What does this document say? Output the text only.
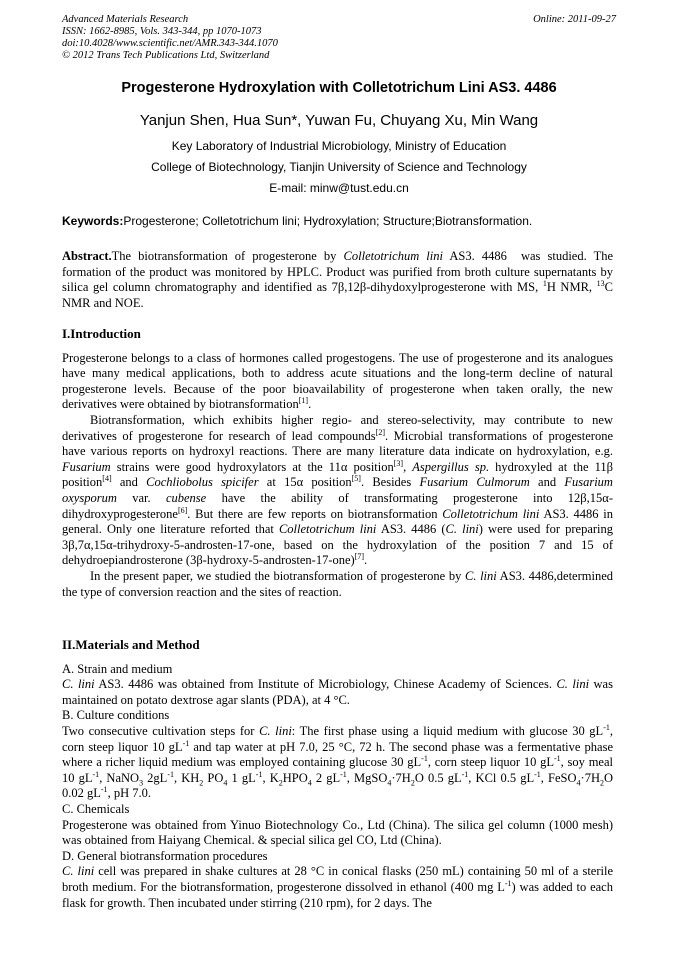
Advanced Materials Research
ISSN: 1662-8985, Vols. 343-344, pp 1070-1073
doi:10.4028/www.scientific.net/AMR.343-344.1070
© 2012 Trans Tech Publications Ltd, Switzerland
Online: 2011-09-27
Progesterone Hydroxylation with Colletotrichum Lini AS3. 4486
Yanjun Shen, Hua Sun*, Yuwan Fu, Chuyang Xu, Min Wang
Key Laboratory of Industrial Microbiology, Ministry of Education
College of Biotechnology, Tianjin University of Science and Technology
E-mail: minw@tust.edu.cn
Keywords:Progesterone; Colletotrichum lini; Hydroxylation; Structure;Biotransformation.

Abstract.The biotransformation of progesterone by Colletotrichum lini AS3. 4486  was studied. The formation of the product was monitored by HPLC. Product was purified from broth culture supernatants by silica gel column chromatography and identified as 7β,12β-dihydoxylprogesterone with MS, $^1$H NMR, $^{13}$C NMR and NOE.

I.Introduction

Progesterone belongs to a class of hormones called progestogens. The use of progesterone and its analogues have many medical applications, both to address acute situations and the long-term decline of natural progesterone levels. Because of the poor bioavailability of progesterone when taken orally, the new derivatives were obtained by biotransformation[1].

Biotransformation, which exhibits higher regio- and stereo-selectivity, may contribute to new derivatives of progesterone for research of lead compounds[2]. Microbial transformations of progesterone have various reports on hydroxyl reactions. There are many literature data indicate on hydroxylation, e.g. Fusarium strains were good hydroxylators at the 11α position[3], Aspergillus sp. hydroxyled at the 11β position[4] and Cochliobolus spicifer at 15α position[5]. Besides Fusarium Culmorum and Fusarium oxysporum var. cubense have the ability of transformating progesterone into 12β,15α-dihydroxyprogesterone[6]. But there are few reports on biotransformation Colletotrichum lini AS3. 4486 in general. Only one literature reforted that Colletotrichum lini AS3. 4486 (C. lini) were used for preparing 3β,7α,15α-trihydroxy-5-androsten-17-one, based on the hydroxylation of the position 7 and 15 of dehydroepiandrosterone (3β-hydroxy-5-androsten-17-one)[7].

In the present paper, we studied the biotransformation of progesterone by C. lini AS3. 4486,determined the type of conversion reaction and the sites of reaction.

II.Materials and Method

A. Strain and medium

C. lini AS3. 4486 was obtained from Institute of Microbiology, Chinese Academy of Sciences. C. lini was maintained on potato dextrose agar slants (PDA), at 4 °C.

B. Culture conditions

Two consecutive cultivation steps for C. lini: The first phase using a liquid medium with glucose 30 $gL^{-1}$, corn steep liquor 10 $gL^{-1}$ and tap water at pH 7.0, 25 °C, 72 h. The second phase was a fermentative phase where a richer liquid medium was employed containing glucose 30 $gL^{-1}$, corn steep liquor 10 $gL^{-1}$, soy meal 10 $gL^{-1}$, NaNO$_3$ $2gL^{-1}$, $KH_2$ $PO_4$ 1 $gL^{-1}$, $K_2HPO_4$ 2 $gL^{-1}$, $MgSO_4\cdot 7H_2O$ 0.5 $gL^{-1}$, KCl 0.5 $gL^{-1}$, $FeSO_4\cdot 7H_2O$ 0.02 $gL^{-1}$, pH 7.0.

C. Chemicals

Progesterone was obtained from Yinuo Biotechnology Co., Ltd (China). The silica gel column (1000 mesh) was obtained from Haiyang Chemical. & special silica gel CO, Ltd (China).

D. General biotransformation procedures

C. lini cell was prepared in shake cultures at 28 °C in conical flasks (250 mL) containing 50 ml of a sterile broth medium. For the biotransformation, progesterone dissolved in ethanol (400 mg $L^{-1}$) was added to each flask for growth. Then incubated under stirring (210 rpm), for 2 days. The
